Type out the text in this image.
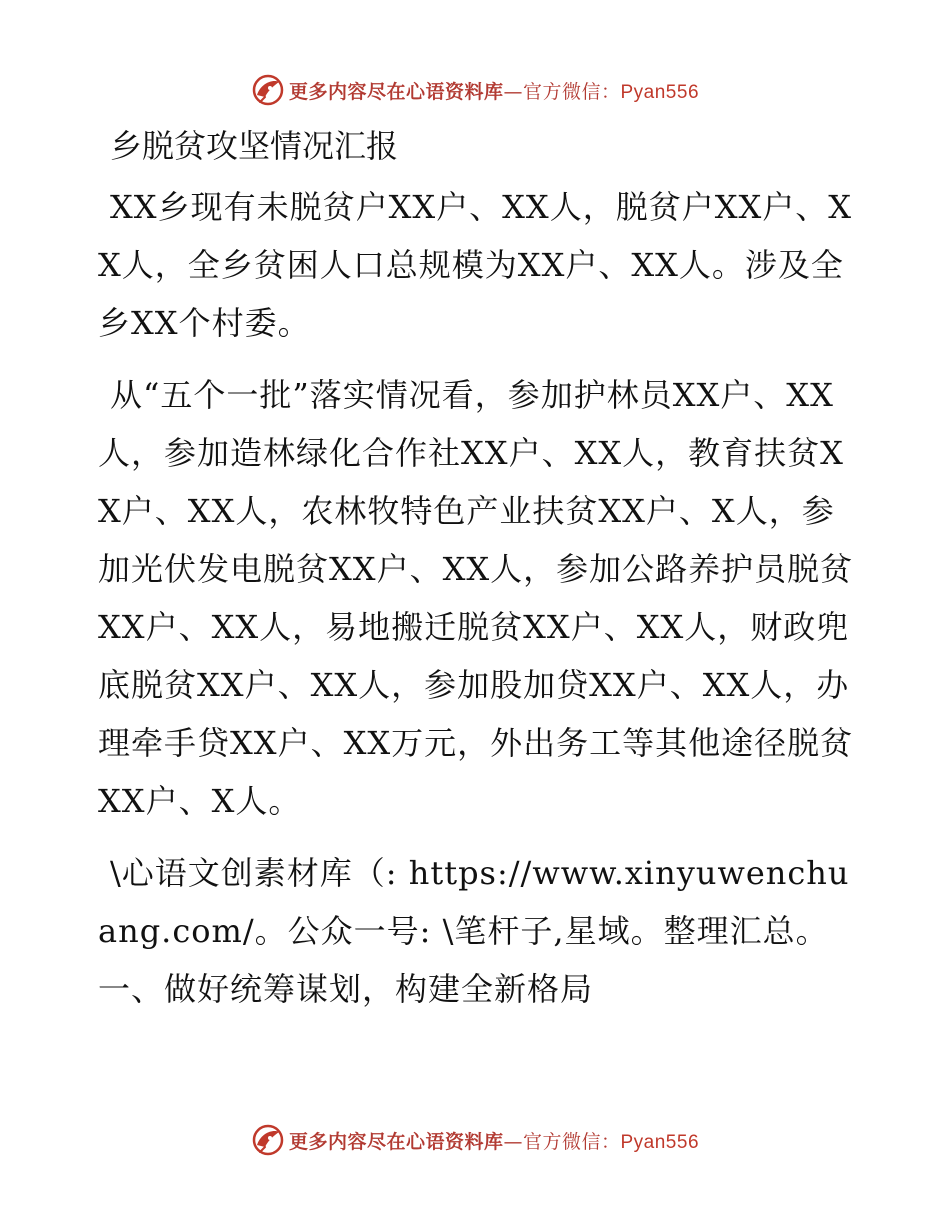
更多内容尽在心语资料库—官方微信：Pyan556
乡脱贫攻坚情况汇报

XX乡现有未脱贫户XX户、XX人，脱贫户XX户、XX人，全乡贫困人口总规模为XX户、XX人。涉及全乡XX个村委。

从“五个一批”落实情况看，参加护林员XX户、XX人，参加造林绿化合作社XX户、XX人，教育扶贫XX户、XX人，农林牧特色产业扶贫XX户、X人，参加光伏发电脱贫XX户、XX人，参加公路养护员脱贫XX户、XX人，易地搬迁脱贫XX户、XX人，财政兜底脱贫XX户、XX人，参加股加贷XX户、XX人，办理牵手贷XX户、XX万元，外出务工等其他途径脱贫XX户、X人。

\心语文创素材库（: https://www.xinyuwenchuang.com/。公众一号: \笔杆子,星域。整理汇总。一、做好统筹谋划，构建全新格局

更多内容尽在心语资料库—官方微信：Pyan556
